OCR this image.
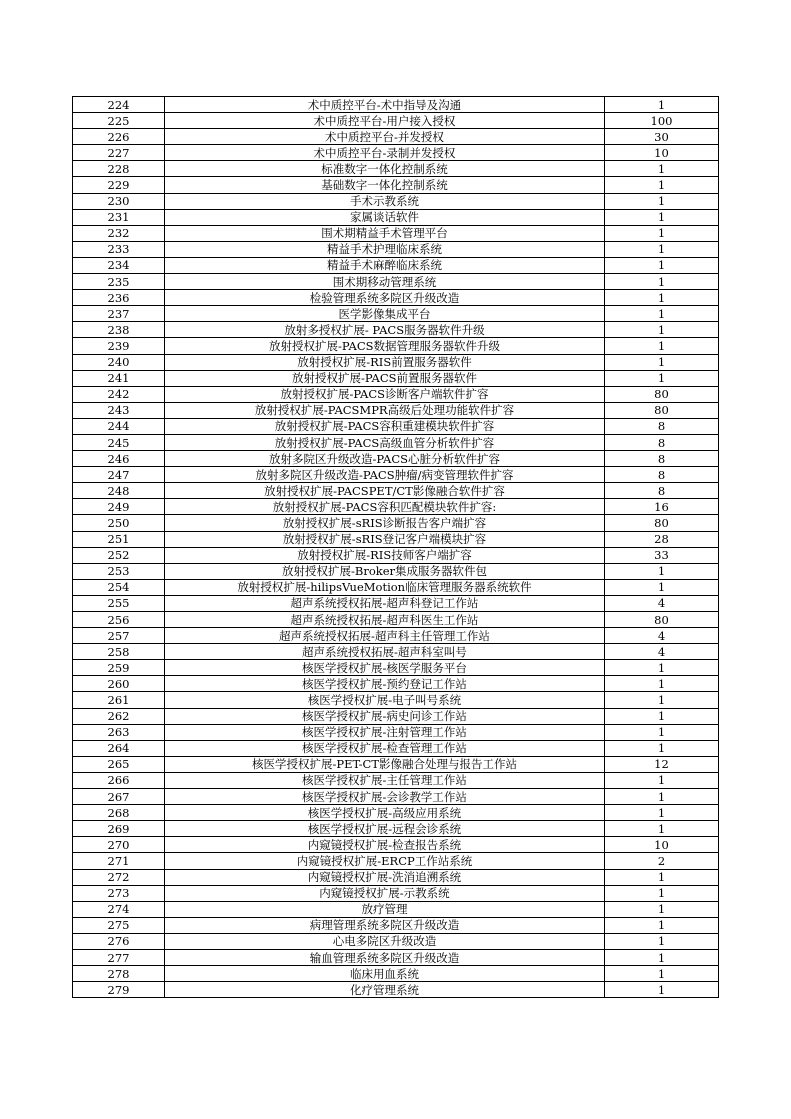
224	术中质控平台-术中指导及沟通	1
225	术中质控平台-用户接入授权	100
226	术中质控平台-并发授权	30
227	术中质控平台-录制并发授权	10
228	标准数字一体化控制系统	1
229	基础数字一体化控制系统	1
230	手术示教系统	1
231	家属谈话软件	1
232	围术期精益手术管理平台	1
233	精益手术护理临床系统	1
234	精益手术麻醉临床系统	1
235	围术期移动管理系统	1
236	检验管理系统多院区升级改造	1
237	医学影像集成平台	1
238	放射多授权扩展- PACS服务器软件升级	1
239	放射授权扩展-PACS数据管理服务器软件升级	1
240	放射授权扩展-RIS前置服务器软件	1
241	放射授权扩展-PACS前置服务器软件	1
242	放射授权扩展-PACS诊断客户端软件扩容	80
243	放射授权扩展-PACSMPR高级后处理功能软件扩容	80
244	放射授权扩展-PACS容积重建模块软件扩容	8
245	放射授权扩展-PACS高级血管分析软件扩容	8
246	放射多院区升级改造-PACS心脏分析软件扩容	8
247	放射多院区升级改造-PACS肿瘤/病变管理软件扩容	8
248	放射授权扩展-PACSPET/CT影像融合软件扩容	8
249	放射授权扩展-PACS容积匹配模块软件扩容:	16
250	放射授权扩展-sRIS诊断报告客户端扩容	80
251	放射授权扩展-sRIS登记客户端模块扩容	28
252	放射授权扩展-RIS技师客户端扩容	33
253	放射授权扩展-Broker集成服务器软件包	1
254	放射授权扩展-hilipsVueMotion临床管理服务器系统软件	1
255	超声系统授权拓展-超声科登记工作站	4
256	超声系统授权拓展-超声科医生工作站	80
257	超声系统授权拓展-超声科主任管理工作站	4
258	超声系统授权拓展-超声科室叫号	4
259	核医学授权扩展-核医学服务平台	1
260	核医学授权扩展-预约登记工作站	1
261	核医学授权扩展-电子叫号系统	1
262	核医学授权扩展-病史问诊工作站	1
263	核医学授权扩展-注射管理工作站	1
264	核医学授权扩展-检查管理工作站	1
265	核医学授权扩展-PET-CT影像融合处理与报告工作站	12
266	核医学授权扩展-主任管理工作站	1
267	核医学授权扩展-会诊教学工作站	1
268	核医学授权扩展-高级应用系统	1
269	核医学授权扩展-远程会诊系统	1
270	内窥镜授权扩展-检查报告系统	10
271	内窥镜授权扩展-ERCP工作站系统	2
272	内窥镜授权扩展-洗消追溯系统	1
273	内窥镜授权扩展-示教系统	1
274	放疗管理	1
275	病理管理系统多院区升级改造	1
276	心电多院区升级改造	1
277	输血管理系统多院区升级改造	1
278	临床用血系统	1
279	化疗管理系统	1
